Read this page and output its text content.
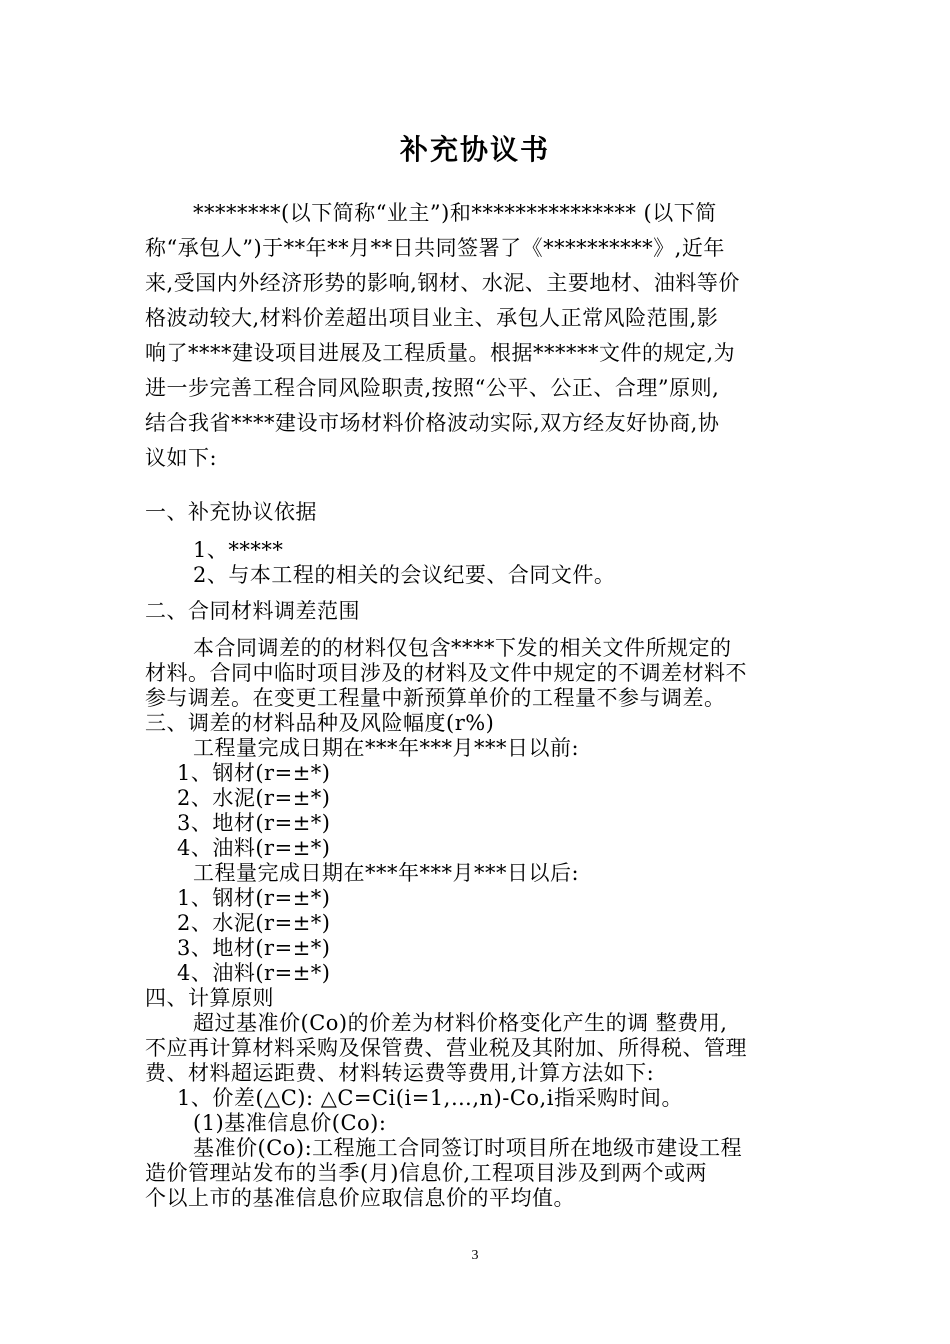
补充协议书

********(以下简称“业主”)和*************** (以下简

称“承包人”)于**年**月**日共同签署了《**********》,近年

来,受国内外经济形势的影响,钢材、水泥、主要地材、油料等价

格波动较大,材料价差超出项目业主、承包人正常风险范围,影

响了****建设项目进展及工程质量。根据******文件的规定,为

进一步完善工程合同风险职责,按照“公平、公正、合理”原则,

结合我省****建设市场材料价格波动实际,双方经友好协商,协

议如下:

一、补充协议依据

1、*****

2、与本工程的相关的会议纪要、合同文件。

二、合同材料调差范围

本合同调差的的材料仅包含****下发的相关文件所规定的

材料。合同中临时项目涉及的材料及文件中规定的不调差材料不

参与调差。在变更工程量中新预算单价的工程量不参与调差。

三、调差的材料品种及风险幅度(r%)

工程量完成日期在***年***月***日以前:

1、钢材(r=±*)

2、水泥(r=±*)

3、地材(r=±*)

4、油料(r=±*)

工程量完成日期在***年***月***日以后:

1、钢材(r=±*)

2、水泥(r=±*)

3、地材(r=±*)

4、油料(r=±*)

四、计算原则

超过基准价(Co)的价差为材料价格变化产生的调 整费用,

不应再计算材料采购及保管费、营业税及其附加、所得税、管理

费、材料超运距费、材料转运费等费用,计算方法如下:

1、价差(△C): △C=Ci(i=1,…,n)-Co,i指采购时间。

(1)基准信息价(Co):

基准价(Co):工程施工合同签订时项目所在地级市建设工程

造价管理站发布的当季(月)信息价,工程项目涉及到两个或两

个以上市的基准信息价应取信息价的平均值。

3
